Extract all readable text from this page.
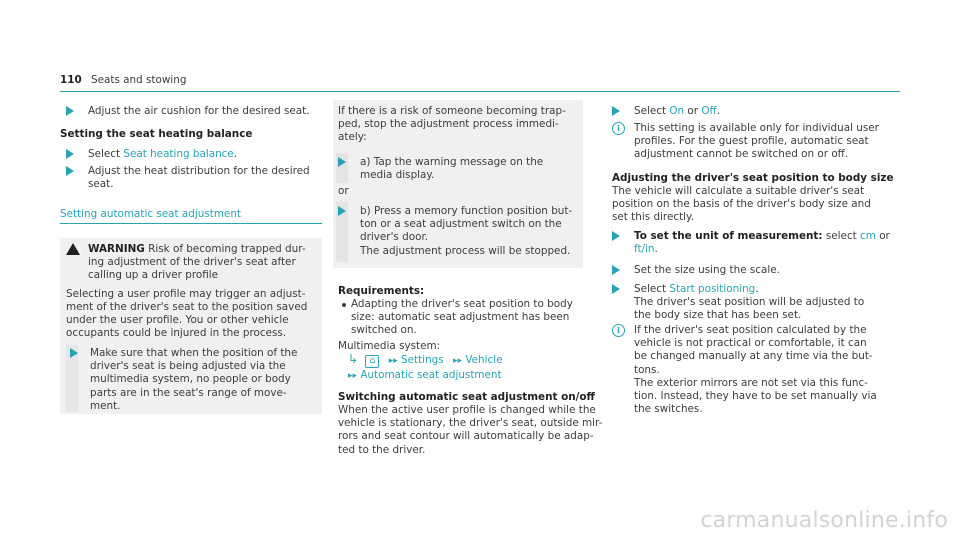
110 Seats and stowing
Adjust the air cushion for the desired seat.
Setting the seat heating balance
Select Seat heating balance.
Adjust the heat distribution for the desired
seat.
Setting automatic seat adjustment
! WARNING Risk of becoming trapped dur-
ing adjustment of the driver's seat after
calling up a driver profile
Selecting a user profile may trigger an adjust-
ment of the driver's seat to the position saved
under the user profile. You or other vehicle
occupants could be injured in the process.
Make sure that when the position of the
driver's seat is being adjusted via the
multimedia system, no people or body
parts are in the seat's range of move-
ment.
If there is a risk of someone becoming trap-
ped, stop the adjustment process immedi-
ately:
a) Tap the warning message on the
media display.
or
b) Press a memory function position but-
ton or a seat adjustment switch on the
driver's door.
The adjustment process will be stopped.
Requirements:
Adapting the driver's seat position to body
size: automatic seat adjustment has been
switched on.
Multimedia system:
↳ ⌂ ▸▸ Settings ▸▸ Vehicle
▸▸ Automatic seat adjustment
Switching automatic seat adjustment on/off
When the active user profile is changed while the
vehicle is stationary, the driver's seat, outside mir-
rors and seat contour will automatically be adap-
ted to the driver.
Select On or Off.
i	This setting is available only for individual user
profiles. For the guest profile, automatic seat
adjustment cannot be switched on or off.
Adjusting the driver's seat position to body size
The vehicle will calculate a suitable driver's seat
position on the basis of the driver's body size and
set this directly.
To set the unit of measurement: select cm or
ft/in.
Set the size using the scale.
Select Start positioning.
The driver's seat position will be adjusted to
the body size that has been set.
i	If the driver's seat position calculated by the
vehicle is not practical or comfortable, it can
be changed manually at any time via the but-
tons.
The exterior mirrors are not set via this func-
tion. Instead, they have to be set manually via
the switches.
carmanualsonline.info
